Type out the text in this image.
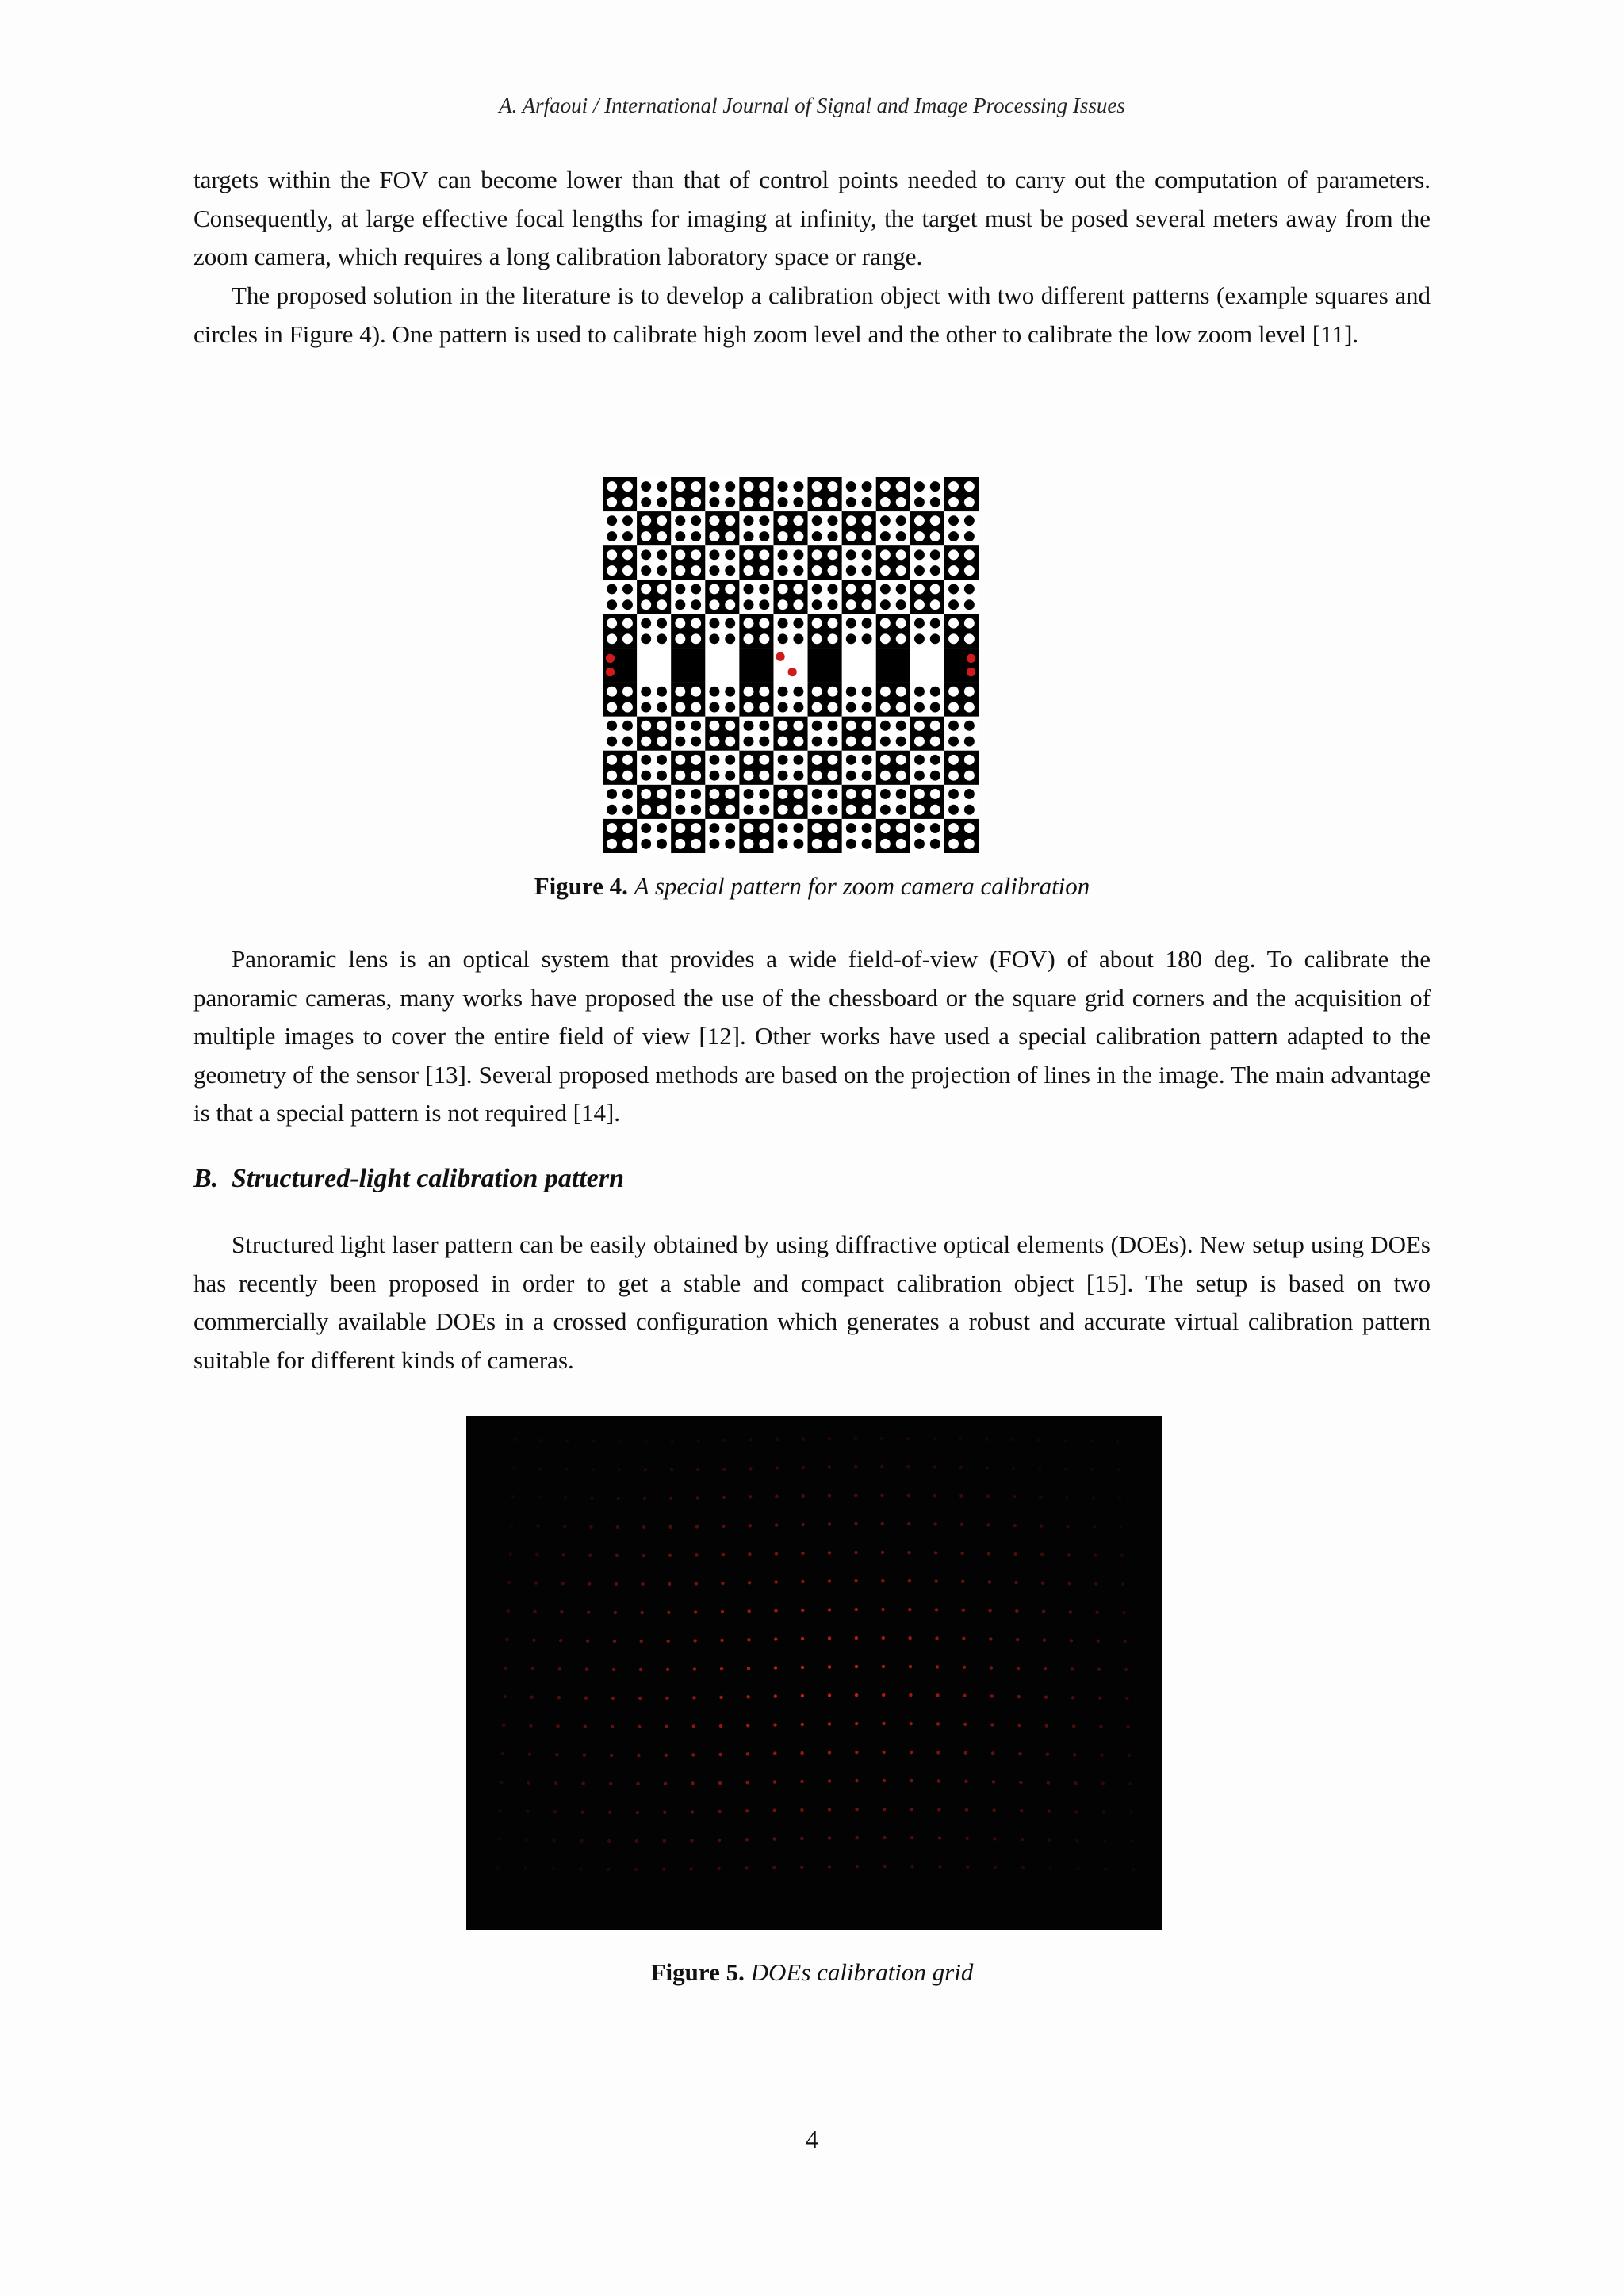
A. Arfaoui / International Journal of Signal and Image Processing Issues

targets within the FOV can become lower than that of control points needed to carry out the computation of parameters. Consequently, at large effective focal lengths for imaging at infinity, the target must be posed several meters away from the zoom camera, which requires a long calibration laboratory space or range.

The proposed solution in the literature is to develop a calibration object with two different patterns (example squares and circles in Figure 4). One pattern is used to calibrate high zoom level and the other to calibrate the low zoom level [11].

Figure 4. A special pattern for zoom camera calibration

Panoramic lens is an optical system that provides a wide field-of-view (FOV) of about 180 deg. To calibrate the panoramic cameras, many works have proposed the use of the chessboard or the square grid corners and the acquisition of multiple images to cover the entire field of view [12]. Other works have used a special calibration pattern adapted to the geometry of the sensor [13]. Several proposed methods are based on the projection of lines in the image. The main advantage is that a special pattern is not required [14].

B. Structured-light calibration pattern

Structured light laser pattern can be easily obtained by using diffractive optical elements (DOEs). New setup using DOEs has recently been proposed in order to get a stable and compact calibration object [15]. The setup is based on two commercially available DOEs in a crossed configuration which generates a robust and accurate virtual calibration pattern suitable for different kinds of cameras.

Figure 5. DOEs calibration grid
4
